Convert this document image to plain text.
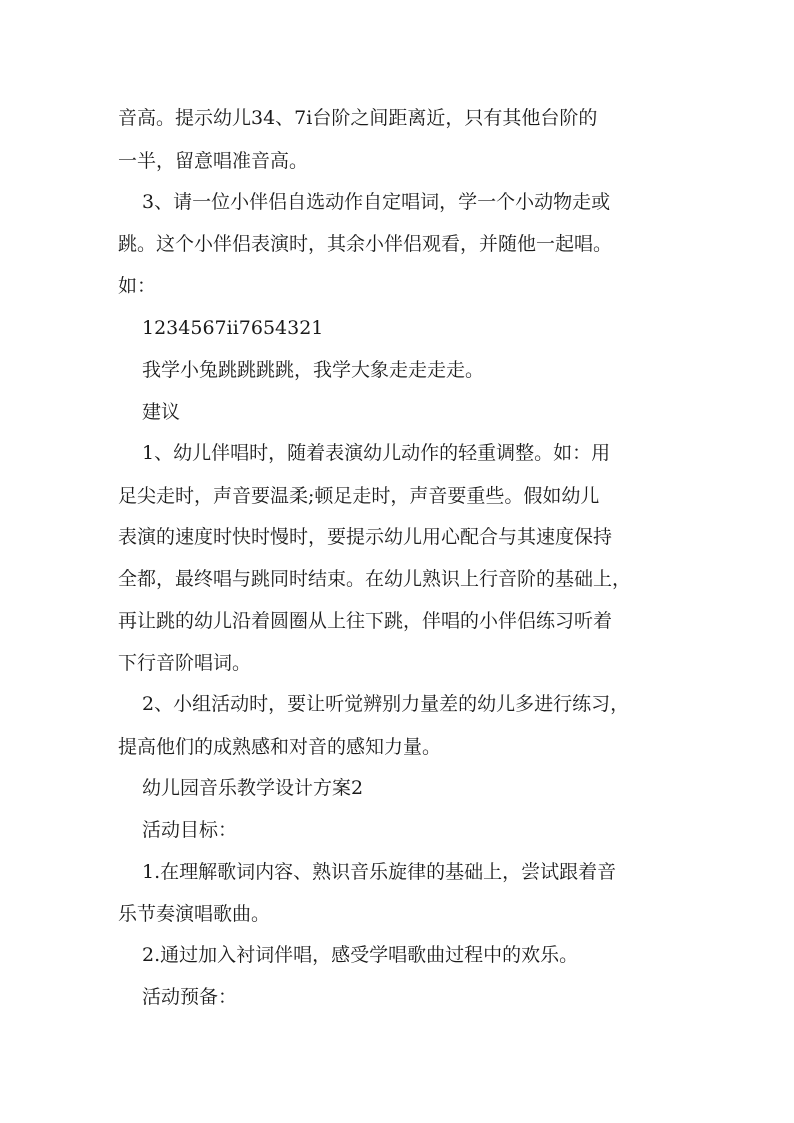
音高。提示幼儿34、7i台阶之间距离近，只有其他台阶的
一半，留意唱准音高。
3、请一位小伴侣自选动作自定唱词，学一个小动物走或
跳。这个小伴侣表演时，其余小伴侣观看，并随他一起唱。
如：
1234567ii7654321
我学小兔跳跳跳跳，我学大象走走走走。
建议
1、幼儿伴唱时，随着表演幼儿动作的轻重调整。如：用
足尖走时，声音要温柔;顿足走时，声音要重些。假如幼儿
表演的速度时快时慢时，要提示幼儿用心配合与其速度保持
全都，最终唱与跳同时结束。在幼儿熟识上行音阶的基础上，
再让跳的幼儿沿着圆圈从上往下跳，伴唱的小伴侣练习听着
下行音阶唱词。
2、小组活动时，要让听觉辨别力量差的幼儿多进行练习，
提高他们的成熟感和对音的感知力量。
幼儿园音乐教学设计方案2
活动目标：
1.在理解歌词内容、熟识音乐旋律的基础上，尝试跟着音
乐节奏演唱歌曲。
2.通过加入衬词伴唱，感受学唱歌曲过程中的欢乐。
活动预备：
